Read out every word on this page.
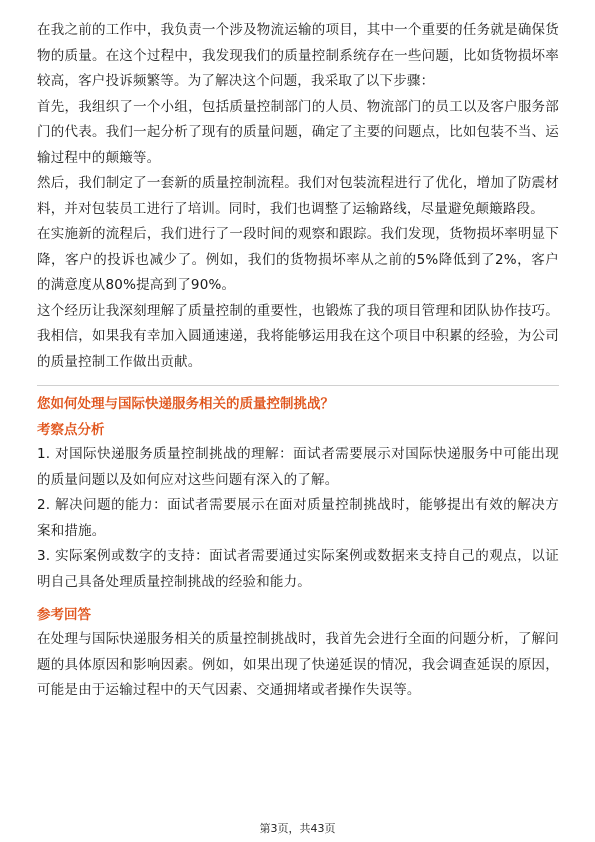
在我之前的工作中，我负责一个涉及物流运输的项目，其中一个重要的任务就是确保货物的质量。在这个过程中，我发现我们的质量控制系统存在一些问题，比如货物损坏率较高，客户投诉频繁等。为了解决这个问题，我采取了以下步骤：

首先，我组织了一个小组，包括质量控制部门的人员、物流部门的员工以及客户服务部门的代表。我们一起分析了现有的质量问题，确定了主要的问题点，比如包装不当、运输过程中的颠簸等。

然后，我们制定了一套新的质量控制流程。我们对包装流程进行了优化，增加了防震材料，并对包装员工进行了培训。同时，我们也调整了运输路线，尽量避免颠簸路段。

在实施新的流程后，我们进行了一段时间的观察和跟踪。我们发现，货物损坏率明显下降，客户的投诉也减少了。例如，我们的货物损坏率从之前的5%降低到了2%，客户的满意度从80%提高到了90%。

这个经历让我深刻理解了质量控制的重要性，也锻炼了我的项目管理和团队协作技巧。我相信，如果我有幸加入圆通速递，我将能够运用我在这个项目中积累的经验，为公司的质量控制工作做出贡献。

您如何处理与国际快递服务相关的质量控制挑战？

考察点分析

1. 对国际快递服务质量控制挑战的理解：面试者需要展示对国际快递服务中可能出现的质量问题以及如何应对这些问题有深入的了解。

2. 解决问题的能力：面试者需要展示在面对质量控制挑战时，能够提出有效的解决方案和措施。

3. 实际案例或数字的支持：面试者需要通过实际案例或数据来支持自己的观点，以证明自己具备处理质量控制挑战的经验和能力。

参考回答

在处理与国际快递服务相关的质量控制挑战时，我首先会进行全面的问题分析，了解问题的具体原因和影响因素。例如，如果出现了快递延误的情况，我会调查延误的原因，可能是由于运输过程中的天气因素、交通拥堵或者操作失误等。

第3页，共43页
